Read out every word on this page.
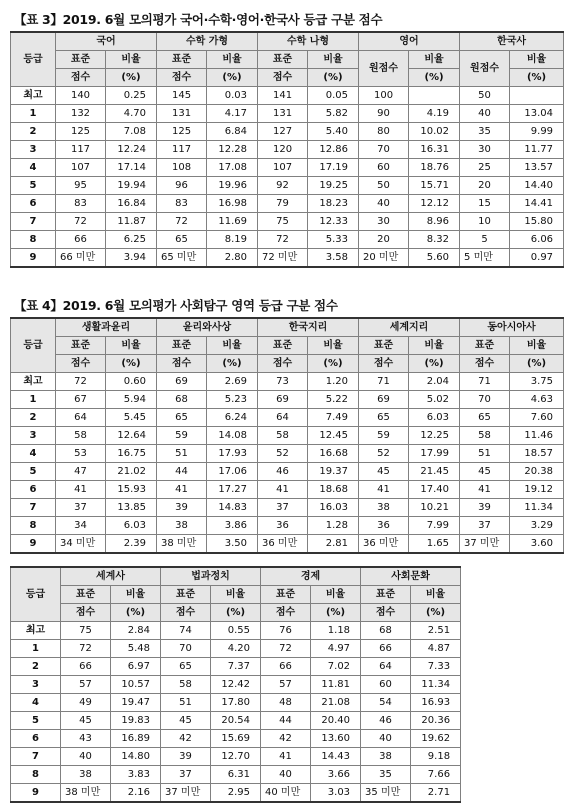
【표 3】2019. 6월 모의평가 국어·수학·영어·한국사 등급 구분 점수
등급	국어		수학 가형		수학 나형		영어		한국사	
	표준	비율	표준	비율	표준	비율	원점수	비율	원점수	비율
	점수	(%)	점수	(%)	점수	(%)		(%)		(%)
최고	140	0.25	145	0.03	141	0.05	100		50	
1	132	4.70	131	4.17	131	5.82	90	4.19	40	13.04
2	125	7.08	125	6.84	127	5.40	80	10.02	35	9.99
3	117	12.24	117	12.28	120	12.86	70	16.31	30	11.77
4	107	17.14	108	17.08	107	17.19	60	18.76	25	13.57
5	95	19.94	96	19.96	92	19.25	50	15.71	20	14.40
6	83	16.84	83	16.98	79	18.23	40	12.12	15	14.41
7	72	11.87	72	11.69	75	12.33	30	8.96	10	15.80
8	66	6.25	65	8.19	72	5.33	20	8.32	5	6.06
9	66 미만	3.94	65 미만	2.80	72 미만	3.58	20 미만	5.60	5 미만	0.97
【표 4】2019. 6월 모의평가 사회탐구 영역 등급 구분 점수
등급	생활과윤리		윤리와사상		한국지리		세계지리		동아시아사	
	표준	비율	표준	비율	표준	비율	표준	비율	표준	비율
	점수	(%)	점수	(%)	점수	(%)	점수	(%)	점수	(%)
최고	72	0.60	69	2.69	73	1.20	71	2.04	71	3.75
1	67	5.94	68	5.23	69	5.22	69	5.02	70	4.63
2	64	5.45	65	6.24	64	7.49	65	6.03	65	7.60
3	58	12.64	59	14.08	58	12.45	59	12.25	58	11.46
4	53	16.75	51	17.93	52	16.68	52	17.99	51	18.57
5	47	21.02	44	17.06	46	19.37	45	21.45	45	20.38
6	41	15.93	41	17.27	41	18.68	41	17.40	41	19.12
7	37	13.85	39	14.83	37	16.03	38	10.21	39	11.34
8	34	6.03	38	3.86	36	1.28	36	7.99	37	3.29
9	34 미만	2.39	38 미만	3.50	36 미만	2.81	36 미만	1.65	37 미만	3.60
등급	세계사		법과정치		경제		사회문화	
	표준	비율	표준	비율	표준	비율	표준	비율
	점수	(%)	점수	(%)	점수	(%)	점수	(%)
최고	75	2.84	74	0.55	76	1.18	68	2.51
1	72	5.48	70	4.20	72	4.97	66	4.87
2	66	6.97	65	7.37	66	7.02	64	7.33
3	57	10.57	58	12.42	57	11.81	60	11.34
4	49	19.47	51	17.80	48	21.08	54	16.93
5	45	19.83	45	20.54	44	20.40	46	20.36
6	43	16.89	42	15.69	42	13.60	40	19.62
7	40	14.80	39	12.70	41	14.43	38	9.18
8	38	3.83	37	6.31	40	3.66	35	7.66
9	38 미만	2.16	37 미만	2.95	40 미만	3.03	35 미만	2.71
